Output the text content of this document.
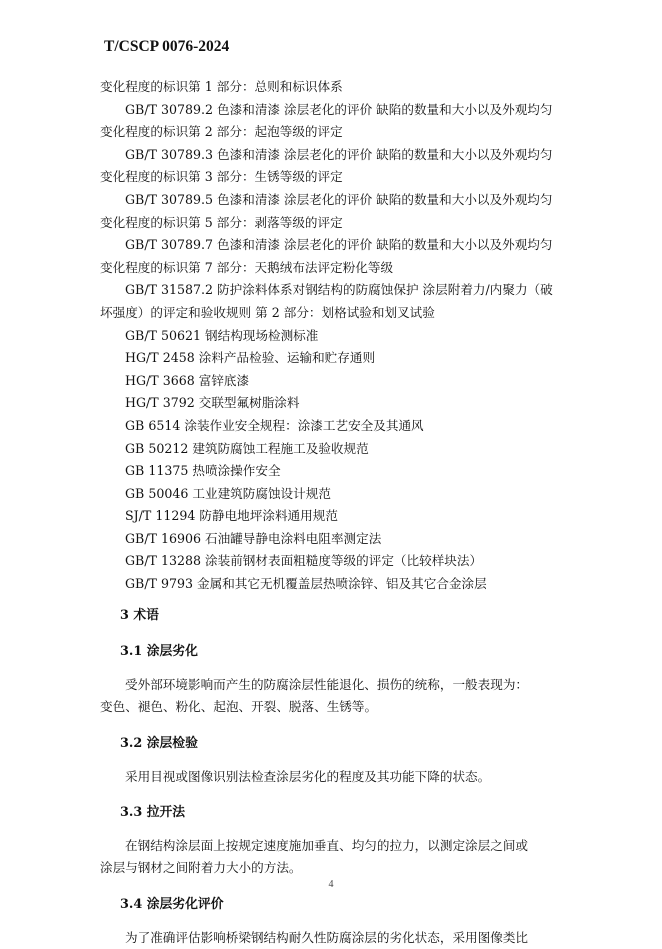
T/CSCP 0076-2024
变化程度的标识第 1 部分：总则和标识体系
GB/T 30789.2 色漆和清漆 涂层老化的评价 缺陷的数量和大小以及外观均匀
变化程度的标识第 2 部分：起泡等级的评定
GB/T 30789.3 色漆和清漆 涂层老化的评价 缺陷的数量和大小以及外观均匀
变化程度的标识第 3 部分：生锈等级的评定
GB/T 30789.5 色漆和清漆 涂层老化的评价 缺陷的数量和大小以及外观均匀
变化程度的标识第 5 部分：剥落等级的评定
GB/T 30789.7 色漆和清漆 涂层老化的评价 缺陷的数量和大小以及外观均匀
变化程度的标识第 7 部分：天鹅绒布法评定粉化等级
GB/T 31587.2 防护涂料体系对钢结构的防腐蚀保护 涂层附着力/内聚力（破
坏强度）的评定和验收规则 第 2 部分：划格试验和划叉试验
GB/T 50621 钢结构现场检测标准
HG/T 2458 涂料产品检验、运输和贮存通则
HG/T 3668 富锌底漆
HG/T 3792 交联型氟树脂涂料
GB 6514 涂装作业安全规程：涂漆工艺安全及其通风
GB 50212 建筑防腐蚀工程施工及验收规范
GB 11375 热喷涂操作安全
GB 50046 工业建筑防腐蚀设计规范
SJ/T 11294 防静电地坪涂料通用规范
GB/T 16906 石油罐导静电涂料电阻率测定法
GB/T 13288 涂装前钢材表面粗糙度等级的评定（比较样块法）
GB/T 9793 金属和其它无机覆盖层热喷涂锌、铝及其它合金涂层
3 术语
3.1 涂层劣化
受外部环境影响而产生的防腐涂层性能退化、损伤的统称，一般表现为：
变色、褪色、粉化、起泡、开裂、脱落、生锈等。
3.2 涂层检验
采用目视或图像识别法检查涂层劣化的程度及其功能下降的状态。
3.3 拉开法
在钢结构涂层面上按规定速度施加垂直、均匀的拉力，以测定涂层之间或
涂层与钢材之间附着力大小的方法。
3.4 涂层劣化评价
为了准确评估影响桥梁钢结构耐久性防腐涂层的劣化状态，采用图像类比
4
